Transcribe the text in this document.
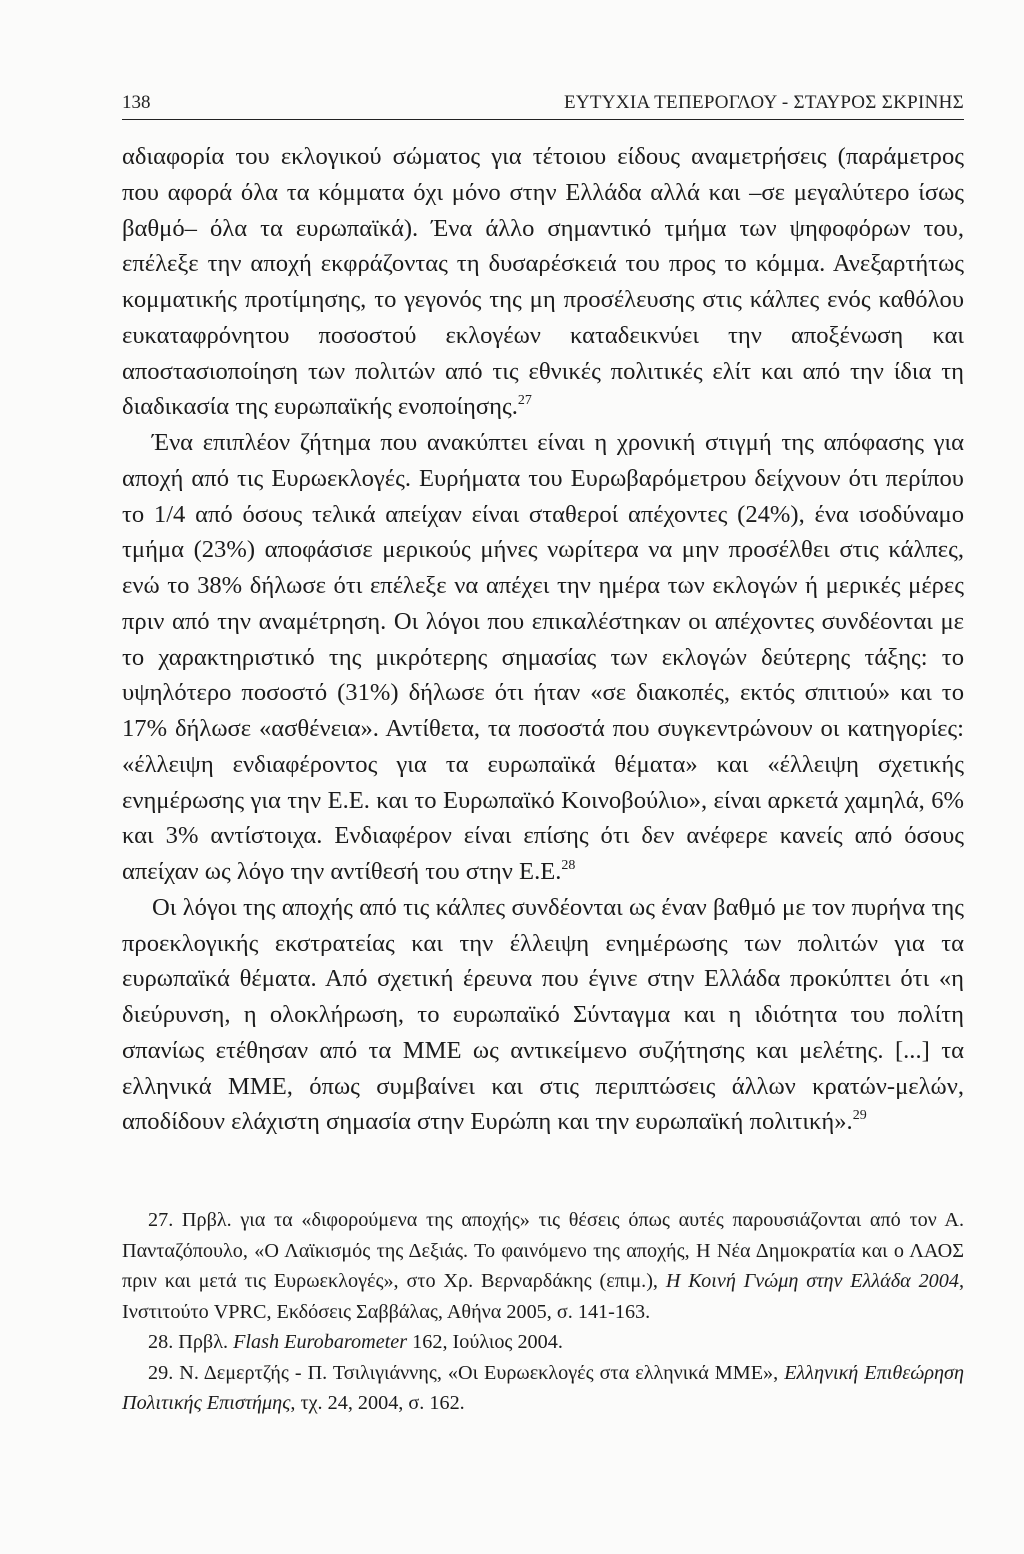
138	ΕΥΤΥΧΙΑ ΤΕΠΕΡΟΓΛΟΥ - ΣΤΑΥΡΟΣ ΣΚΡΙΝΗΣ

αδιαφορία του εκλογικού σώματος για τέτοιου είδους αναμετρήσεις (παράμετρος που αφορά όλα τα κόμματα όχι μόνο στην Ελλάδα αλλά και –σε μεγαλύτερο ίσως βαθμό– όλα τα ευρωπαϊκά). Ένα άλλο σημαντικό τμήμα των ψηφοφόρων του, επέλεξε την αποχή εκφράζοντας τη δυσαρέσκειά του προς το κόμμα. Ανεξαρτήτως κομματικής προτίμησης, το γεγονός της μη προσέλευσης στις κάλπες ενός καθόλου ευκαταφρόνητου ποσοστού εκλογέων καταδεικνύει την αποξένωση και αποστασιοποίηση των πολιτών από τις εθνικές πολιτικές ελίτ και από την ίδια τη διαδικασία της ευρωπαϊκής ενοποίησης.$^{27}$

Ένα επιπλέον ζήτημα που ανακύπτει είναι η χρονική στιγμή της απόφασης για αποχή από τις Ευρωεκλογές. Ευρήματα του Ευρωβαρόμετρου δείχνουν ότι περίπου το 1/4 από όσους τελικά απείχαν είναι σταθεροί απέχοντες (24%), ένα ισοδύναμο τμήμα (23%) αποφάσισε μερικούς μήνες νωρίτερα να μην προσέλθει στις κάλπες, ενώ το 38% δήλωσε ότι επέλεξε να απέχει την ημέρα των εκλογών ή μερικές μέρες πριν από την αναμέτρηση. Οι λόγοι που επικαλέστηκαν οι απέχοντες συνδέονται με το χαρακτηριστικό της μικρότερης σημασίας των εκλογών δεύτερης τάξης: το υψηλότερο ποσοστό (31%) δήλωσε ότι ήταν «σε διακοπές, εκτός σπιτιού» και το 17% δήλωσε «ασθένεια». Αντίθετα, τα ποσοστά που συγκεντρώνουν οι κατηγορίες: «έλλειψη ενδιαφέροντος για τα ευρωπαϊκά θέματα» και «έλλειψη σχετικής ενημέρωσης για την Ε.Ε. και το Ευρωπαϊκό Κοινοβούλιο», είναι αρκετά χαμηλά, 6% και 3% αντίστοιχα. Ενδιαφέρον είναι επίσης ότι δεν ανέφερε κανείς από όσους απείχαν ως λόγο την αντίθεσή του στην Ε.Ε.$^{28}$

Οι λόγοι της αποχής από τις κάλπες συνδέονται ως έναν βαθμό με τον πυρήνα της προεκλογικής εκστρατείας και την έλλειψη ενημέρωσης των πολιτών για τα ευρωπαϊκά θέματα. Από σχετική έρευνα που έγινε στην Ελλάδα προκύπτει ότι «η διεύρυνση, η ολοκλήρωση, το ευρωπαϊκό Σύνταγμα και η ιδιότητα του πολίτη σπανίως ετέθησαν από τα ΜΜΕ ως αντικείμενο συζήτησης και μελέτης. [...] τα ελληνικά ΜΜΕ, όπως συμβαίνει και στις περιπτώσεις άλλων κρατών-μελών, αποδίδουν ελάχιστη σημασία στην Ευρώπη και την ευρωπαϊκή πολιτική».$^{29}$

27. Πρβλ. για τα «διφορούμενα της αποχής» τις θέσεις όπως αυτές παρουσιάζονται από τον Α. Πανταζόπουλο, «Ο Λαϊκισμός της Δεξιάς. Το φαινόμενο της αποχής, Η Νέα Δημοκρατία και ο ΛΑΟΣ πριν και μετά τις Ευρωεκλογές», στο Χρ. Βερναρδάκης (επιμ.), Η Κοινή Γνώμη στην Ελλάδα 2004, Ινστιτούτο VPRC, Εκδόσεις Σαββάλας, Αθήνα 2005, σ. 141-163.

28. Πρβλ. Flash Eurobarometer 162, Ιούλιος 2004.

29. Ν. Δεμερτζής - Π. Τσιλιγιάννης, «Οι Ευρωεκλογές στα ελληνικά ΜΜΕ», Ελληνική Επιθεώρηση Πολιτικής Επιστήμης, τχ. 24, 2004, σ. 162.
